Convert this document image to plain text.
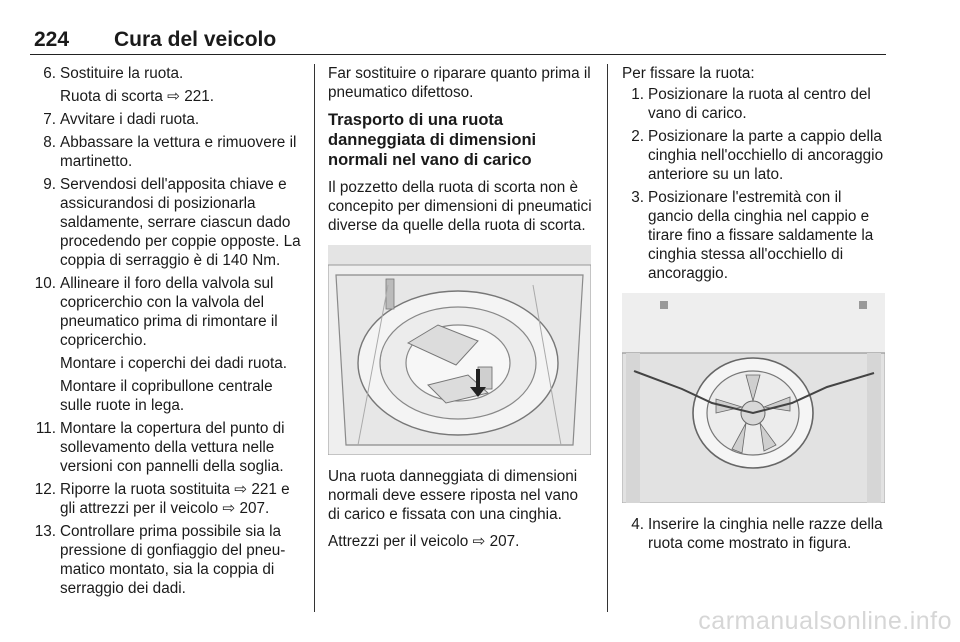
224 Cura del veicolo
6. Sostituire la ruota.
Ruota di scorta ⇨ 221.
7. Avvitare i dadi ruota.
8. Abbassare la vettura e rimuovere il martinetto.
9. Servendosi dell'apposita chiave e assicurandosi di posizionarla saldamente, serrare ciascun dado procedendo per coppie opposte. La coppia di serraggio è di 140 Nm.
10. Allineare il foro della valvola sul copricerchio con la valvola del pneumatico prima di rimontare il copricerchio.
Montare i coperchi dei dadi ruota.
Montare il copribullone centrale sulle ruote in lega.
11. Montare la copertura del punto di sollevamento della vettura nelle versioni con pannelli della soglia.
12. Riporre la ruota sostituita ⇨ 221 e gli attrezzi per il veicolo ⇨ 207.
13. Controllare prima possibile sia la pressione di gonfiaggio del pneumatico montato, sia la coppia di serraggio dei dadi.

Far sostituire o riparare quanto prima il pneumatico difettoso.

Trasporto di una ruota danneggiata di dimensioni normali nel vano di carico

Il pozzetto della ruota di scorta non è concepito per dimensioni di pneumatici diverse da quelle della ruota di scorta.

Una ruota danneggiata di dimensioni normali deve essere riposta nel vano di carico e fissata con una cinghia.

Attrezzi per il veicolo ⇨ 207.

Per fissare la ruota:

1. Posizionare la ruota al centro del vano di carico.
2. Posizionare la parte a cappio della cinghia nell'occhiello di ancoraggio anteriore su un lato.
3. Posizionare l'estremità con il gancio della cinghia nel cappio e tirare fino a fissare saldamente la cinghia stessa all'occhiello di ancoraggio.
4. Inserire la cinghia nelle razze della ruota come mostrato in figura.
carmanualsonline.info
